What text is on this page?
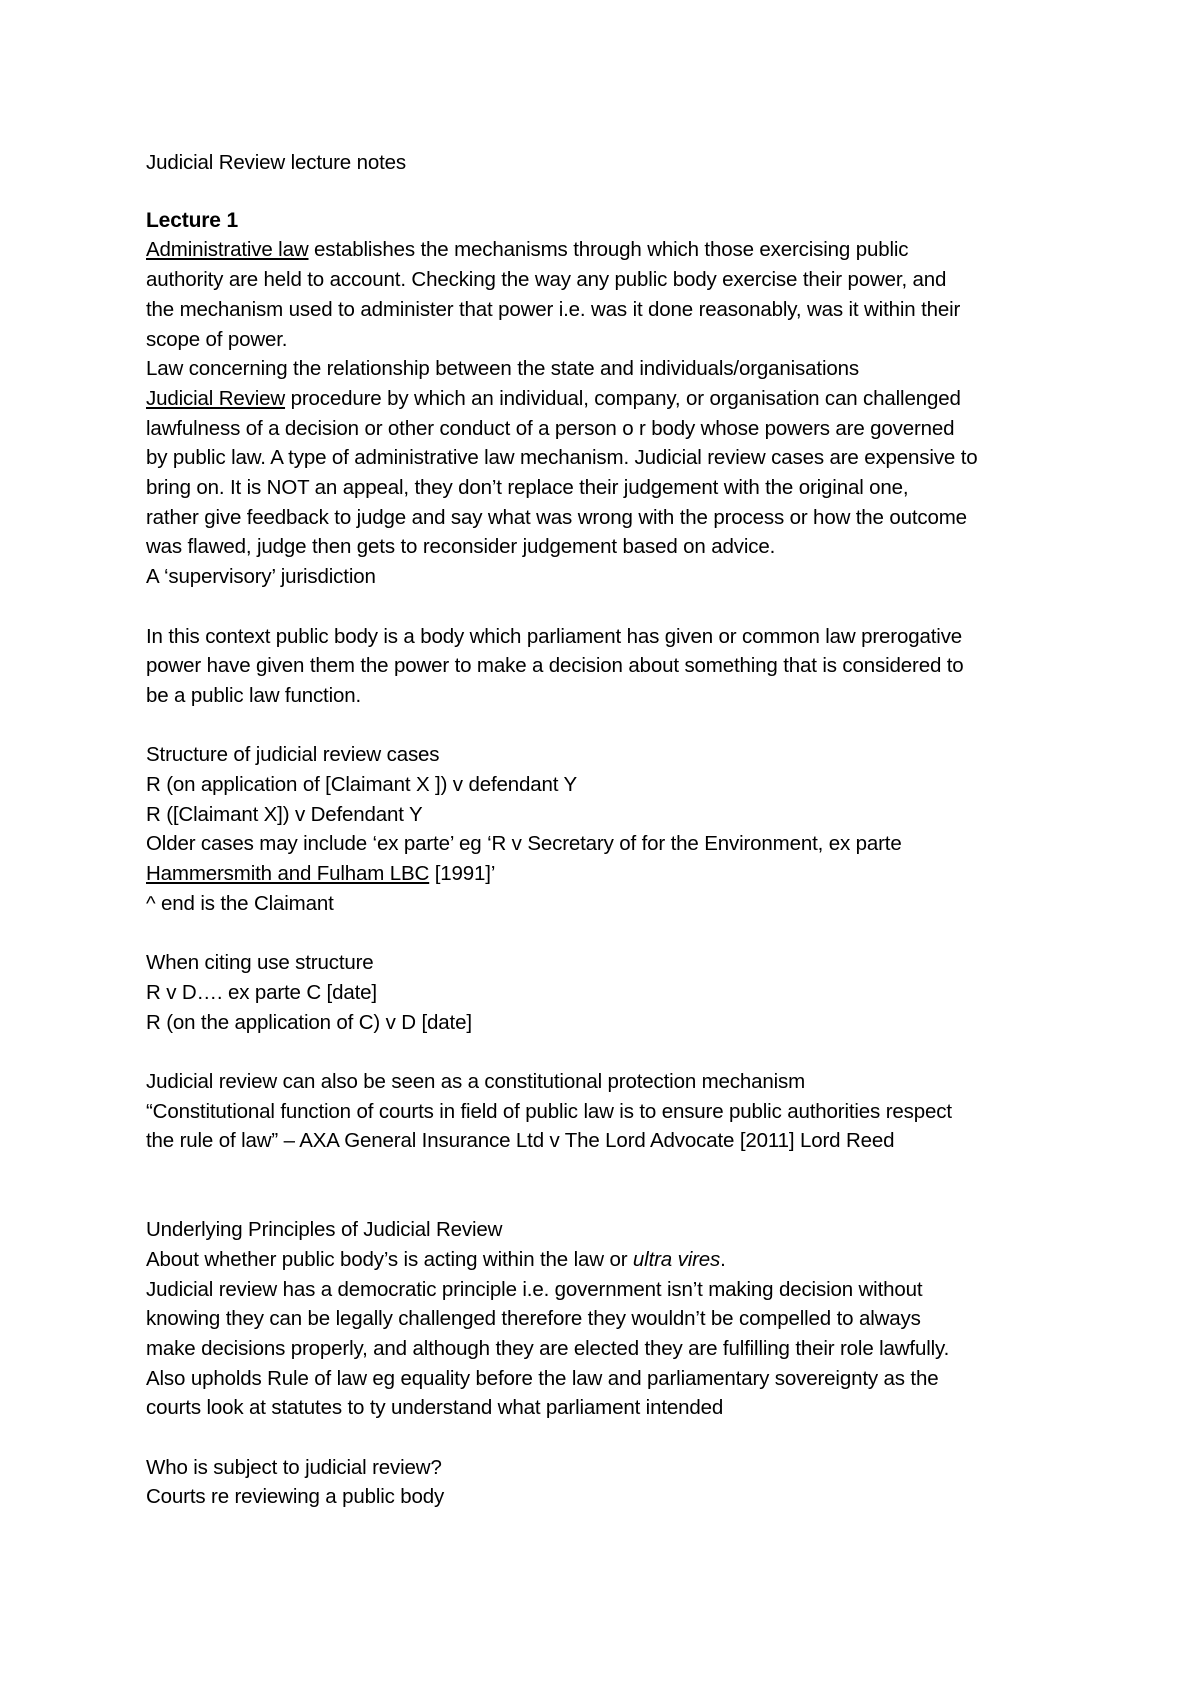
Judicial Review lecture notes
Lecture 1
Administrative law establishes the mechanisms through which those exercising public
authority are held to account. Checking the way any public body exercise their power, and
the mechanism used to administer that power i.e. was it done reasonably, was it within their
scope of power.
Law concerning the relationship between the state and individuals/organisations
Judicial Review procedure by which an individual, company, or organisation can challenged
lawfulness of a decision or other conduct of a person o r body whose powers are governed
by public law. A type of administrative law mechanism. Judicial review cases are expensive to
bring on. It is NOT an appeal, they don’t replace their judgement with the original one,
rather give feedback to judge and say what was wrong with the process or how the outcome
was flawed, judge then gets to reconsider judgement based on advice.
A ‘supervisory’ jurisdiction
In this context public body is a body which parliament has given or common law prerogative
power have given them the power to make a decision about something that is considered to
be a public law function.
Structure of judicial review cases
R (on application of [Claimant X ]) v defendant Y
R ([Claimant X]) v Defendant Y
Older cases may include ‘ex parte’ eg ‘R v Secretary of for the Environment, ex parte
Hammersmith and Fulham LBC [1991]’
^ end is the Claimant
When citing use structure
R v D…. ex parte C [date]
R (on the application of C) v D [date]
Judicial review can also be seen as a constitutional protection mechanism
“Constitutional function of courts in field of public law is to ensure public authorities respect
the rule of law” – AXA General Insurance Ltd v The Lord Advocate [2011] Lord Reed
Underlying Principles of Judicial Review
About whether public body’s is acting within the law or ultra vires.
Judicial review has a democratic principle i.e. government isn’t making decision without
knowing they can be legally challenged therefore they wouldn’t be compelled to always
make decisions properly, and although they are elected they are fulfilling their role lawfully.
Also upholds Rule of law eg equality before the law and parliamentary sovereignty as the
courts look at statutes to ty understand what parliament intended
Who is subject to judicial review?
Courts re reviewing a public body
